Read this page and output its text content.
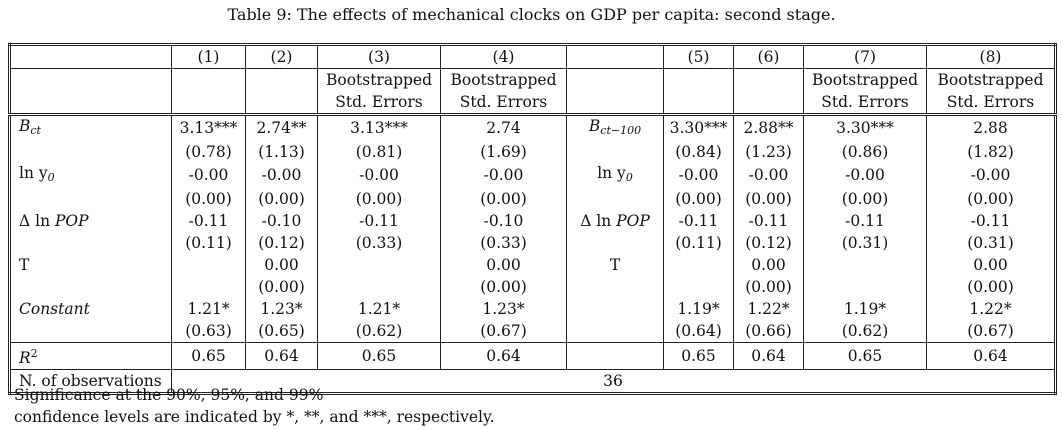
Table 9: The effects of mechanical clocks on GDP per capita: second stage.
	(1)	(2)	(3)	(4)		(5)	(6)	(7)	(8)
			Bootstrapped	Bootstrapped				Bootstrapped	Bootstrapped
			Std. Errors	Std. Errors				Std. Errors	Std. Errors
$B_{ct}$	3.13***	2.74**	3.13***	2.74	$B_{ct-100}$	3.30***	2.88**	3.30***	2.88
	(0.78)	(1.13)	(0.81)	(1.69)		(0.84)	(1.23)	(0.86)	(1.82)
$\ln y_0$	-0.00	-0.00	-0.00	-0.00	$\ln y_0$	-0.00	-0.00	-0.00	-0.00
	(0.00)	(0.00)	(0.00)	(0.00)		(0.00)	(0.00)	(0.00)	(0.00)
Δ ln POP	-0.11	-0.10	-0.11	-0.10	Δ ln POP	-0.11	-0.11	-0.11	-0.11
	(0.11)	(0.12)	(0.33)	(0.33)		(0.11)	(0.12)	(0.31)	(0.31)
T		0.00		0.00	T		0.00		0.00
		(0.00)		(0.00)			(0.00)		(0.00)
Constant	1.21*	1.23*	1.21*	1.23*		1.19*	1.22*	1.19*	1.22*
	(0.63)	(0.65)	(0.62)	(0.67)		(0.64)	(0.66)	(0.62)	(0.67)
$R^2$	0.65	0.64	0.65	0.64		0.65	0.64	0.65	0.64
N. of observations	36								
Significance at the 90%, 95%, and 99%
confidence levels are indicated by *, **, and ***, respectively.
